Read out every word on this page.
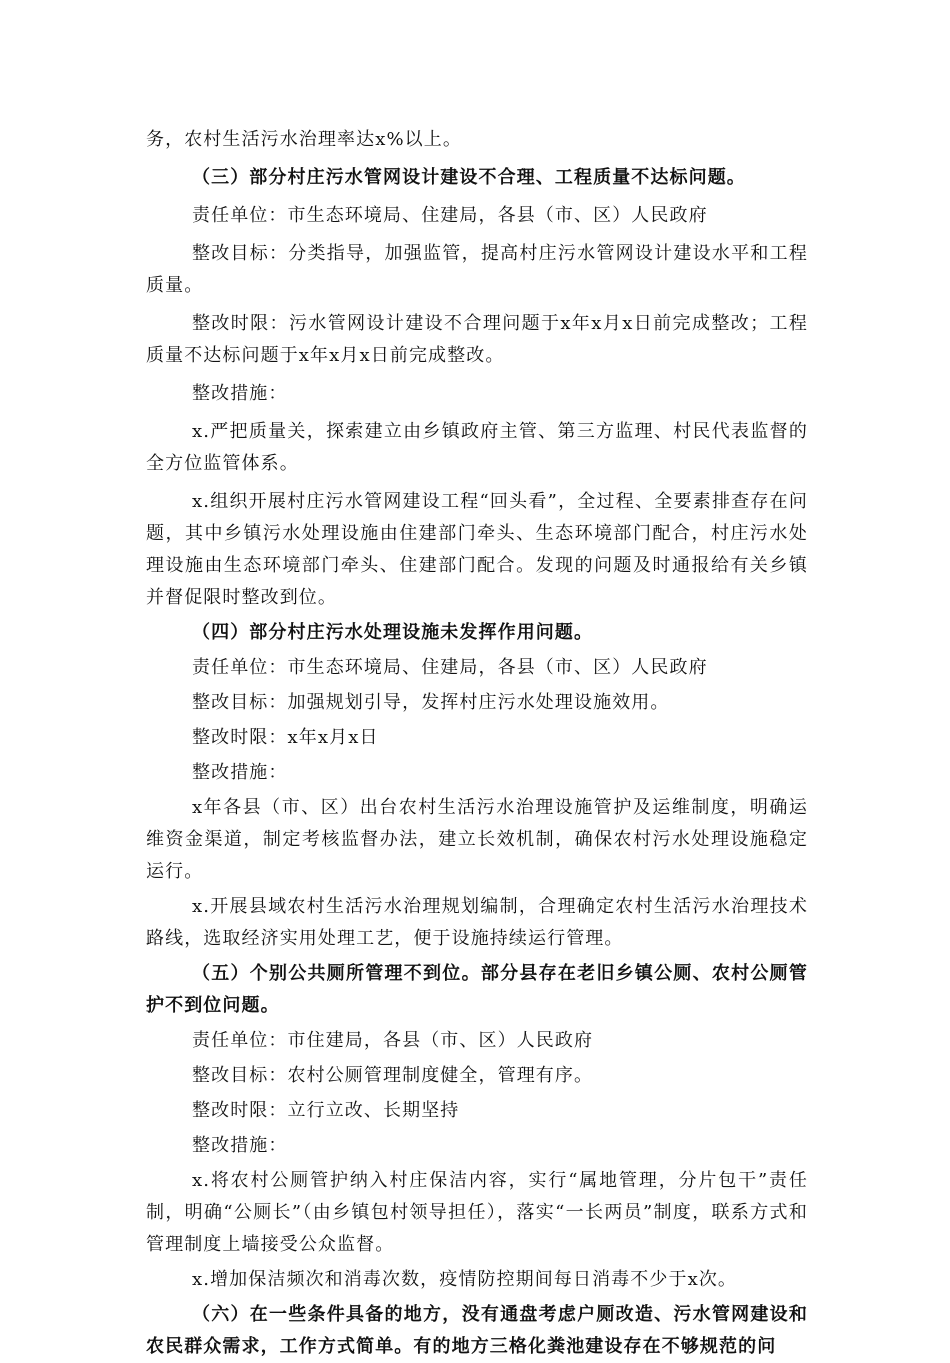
务，农村生活污水治理率达x%以上。

（三）部分村庄污水管网设计建设不合理、工程质量不达标问题。

责任单位：市生态环境局、住建局，各县（市、区）人民政府

整改目标：分类指导，加强监管，提高村庄污水管网设计建设水平和工程质量。

整改时限：污水管网设计建设不合理问题于x年x月x日前完成整改；工程质量不达标问题于x年x月x日前完成整改。

整改措施：

x.严把质量关，探索建立由乡镇政府主管、第三方监理、村民代表监督的全方位监管体系。

x.组织开展村庄污水管网建设工程“回头看”，全过程、全要素排查存在问题，其中乡镇污水处理设施由住建部门牵头、生态环境部门配合，村庄污水处理设施由生态环境部门牵头、住建部门配合。发现的问题及时通报给有关乡镇并督促限时整改到位。

（四）部分村庄污水处理设施未发挥作用问题。

责任单位：市生态环境局、住建局，各县（市、区）人民政府

整改目标：加强规划引导，发挥村庄污水处理设施效用。

整改时限：x年x月x日

整改措施：

x年各县（市、区）出台农村生活污水治理设施管护及运维制度，明确运维资金渠道，制定考核监督办法，建立长效机制，确保农村污水处理设施稳定运行。

x.开展县域农村生活污水治理规划编制，合理确定农村生活污水治理技术路线，选取经济实用处理工艺，便于设施持续运行管理。

（五）个别公共厕所管理不到位。部分县存在老旧乡镇公厕、农村公厕管护不到位问题。

责任单位：市住建局，各县（市、区）人民政府

整改目标：农村公厕管理制度健全，管理有序。

整改时限：立行立改、长期坚持

整改措施：

x.将农村公厕管护纳入村庄保洁内容，实行“属地管理，分片包干”责任制，明确“公厕长”（由乡镇包村领导担任），落实“一长两员”制度，联系方式和管理制度上墙接受公众监督。

x.增加保洁频次和消毒次数，疫情防控期间每日消毒不少于x次。

（六）在一些条件具备的地方，没有通盘考虑户厕改造、污水管网建设和农民群众需求，工作方式简单。有的地方三格化粪池建设存在不够规范的问
